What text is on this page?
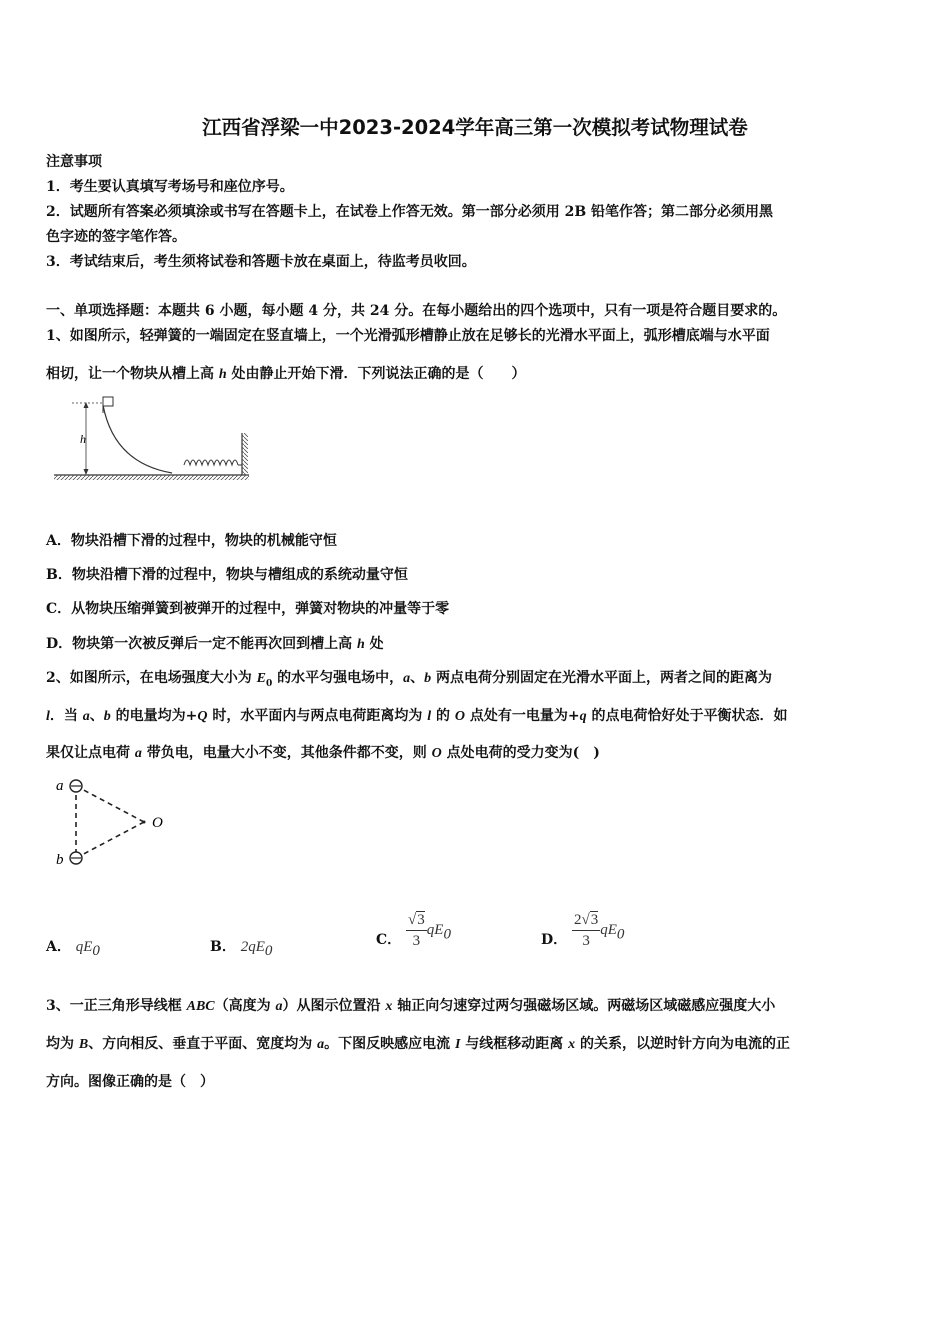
江西省浮梁一中2023-2024学年高三第一次模拟考试物理试卷
注意事项
1．考生要认真填写考场号和座位序号。
2．试题所有答案必须填涂或书写在答题卡上，在试卷上作答无效。第一部分必须用 2B 铅笔作答；第二部分必须用黑
色字迹的签字笔作答。
3．考试结束后，考生须将试卷和答题卡放在桌面上，待监考员收回。
一、单项选择题：本题共 6 小题，每小题 4 分，共 24 分。在每小题给出的四个选项中，只有一项是符合题目要求的。
1、如图所示，轻弹簧的一端固定在竖直墙上，一个光滑弧形槽静止放在足够长的光滑水平面上，弧形槽底端与水平面
相切，让一个物块从槽上高 h 处由静止开始下滑．下列说法正确的是（　　）
h
A．物块沿槽下滑的过程中，物块的机械能守恒
B．物块沿槽下滑的过程中，物块与槽组成的系统动量守恒
C．从物块压缩弹簧到被弹开的过程中，弹簧对物块的冲量等于零
D．物块第一次被反弹后一定不能再次回到槽上高 h 处
2、如图所示，在电场强度大小为 $E_0$ 的水平匀强电场中，a、b 两点电荷分别固定在光滑水平面上，两者之间的距离为
l．当 a、b 的电量均为+Q 时，水平面内与两点电荷距离均为 l 的 O 点处有一电量为+q 的点电荷恰好处于平衡状态．如
果仅让点电荷 a 带负电，电量大小不变，其他条件都不变，则 O 点处电荷的受力变为(　)
a
b
O
A． $qE_0$	B． $2qE_0$
C． $\frac{√3}{3} qE_0$	D． $\frac{2√3}{3} qE_0$
3、一正三角形导线框 ABC（高度为 a）从图示位置沿 x 轴正向匀速穿过两匀强磁场区域。两磁场区域磁感应强度大小
均为 B、方向相反、垂直于平面、宽度均为 a。下图反映感应电流 I 与线框移动距离 x 的关系，以逆时针方向为电流的正
方向。图像正确的是（　）
